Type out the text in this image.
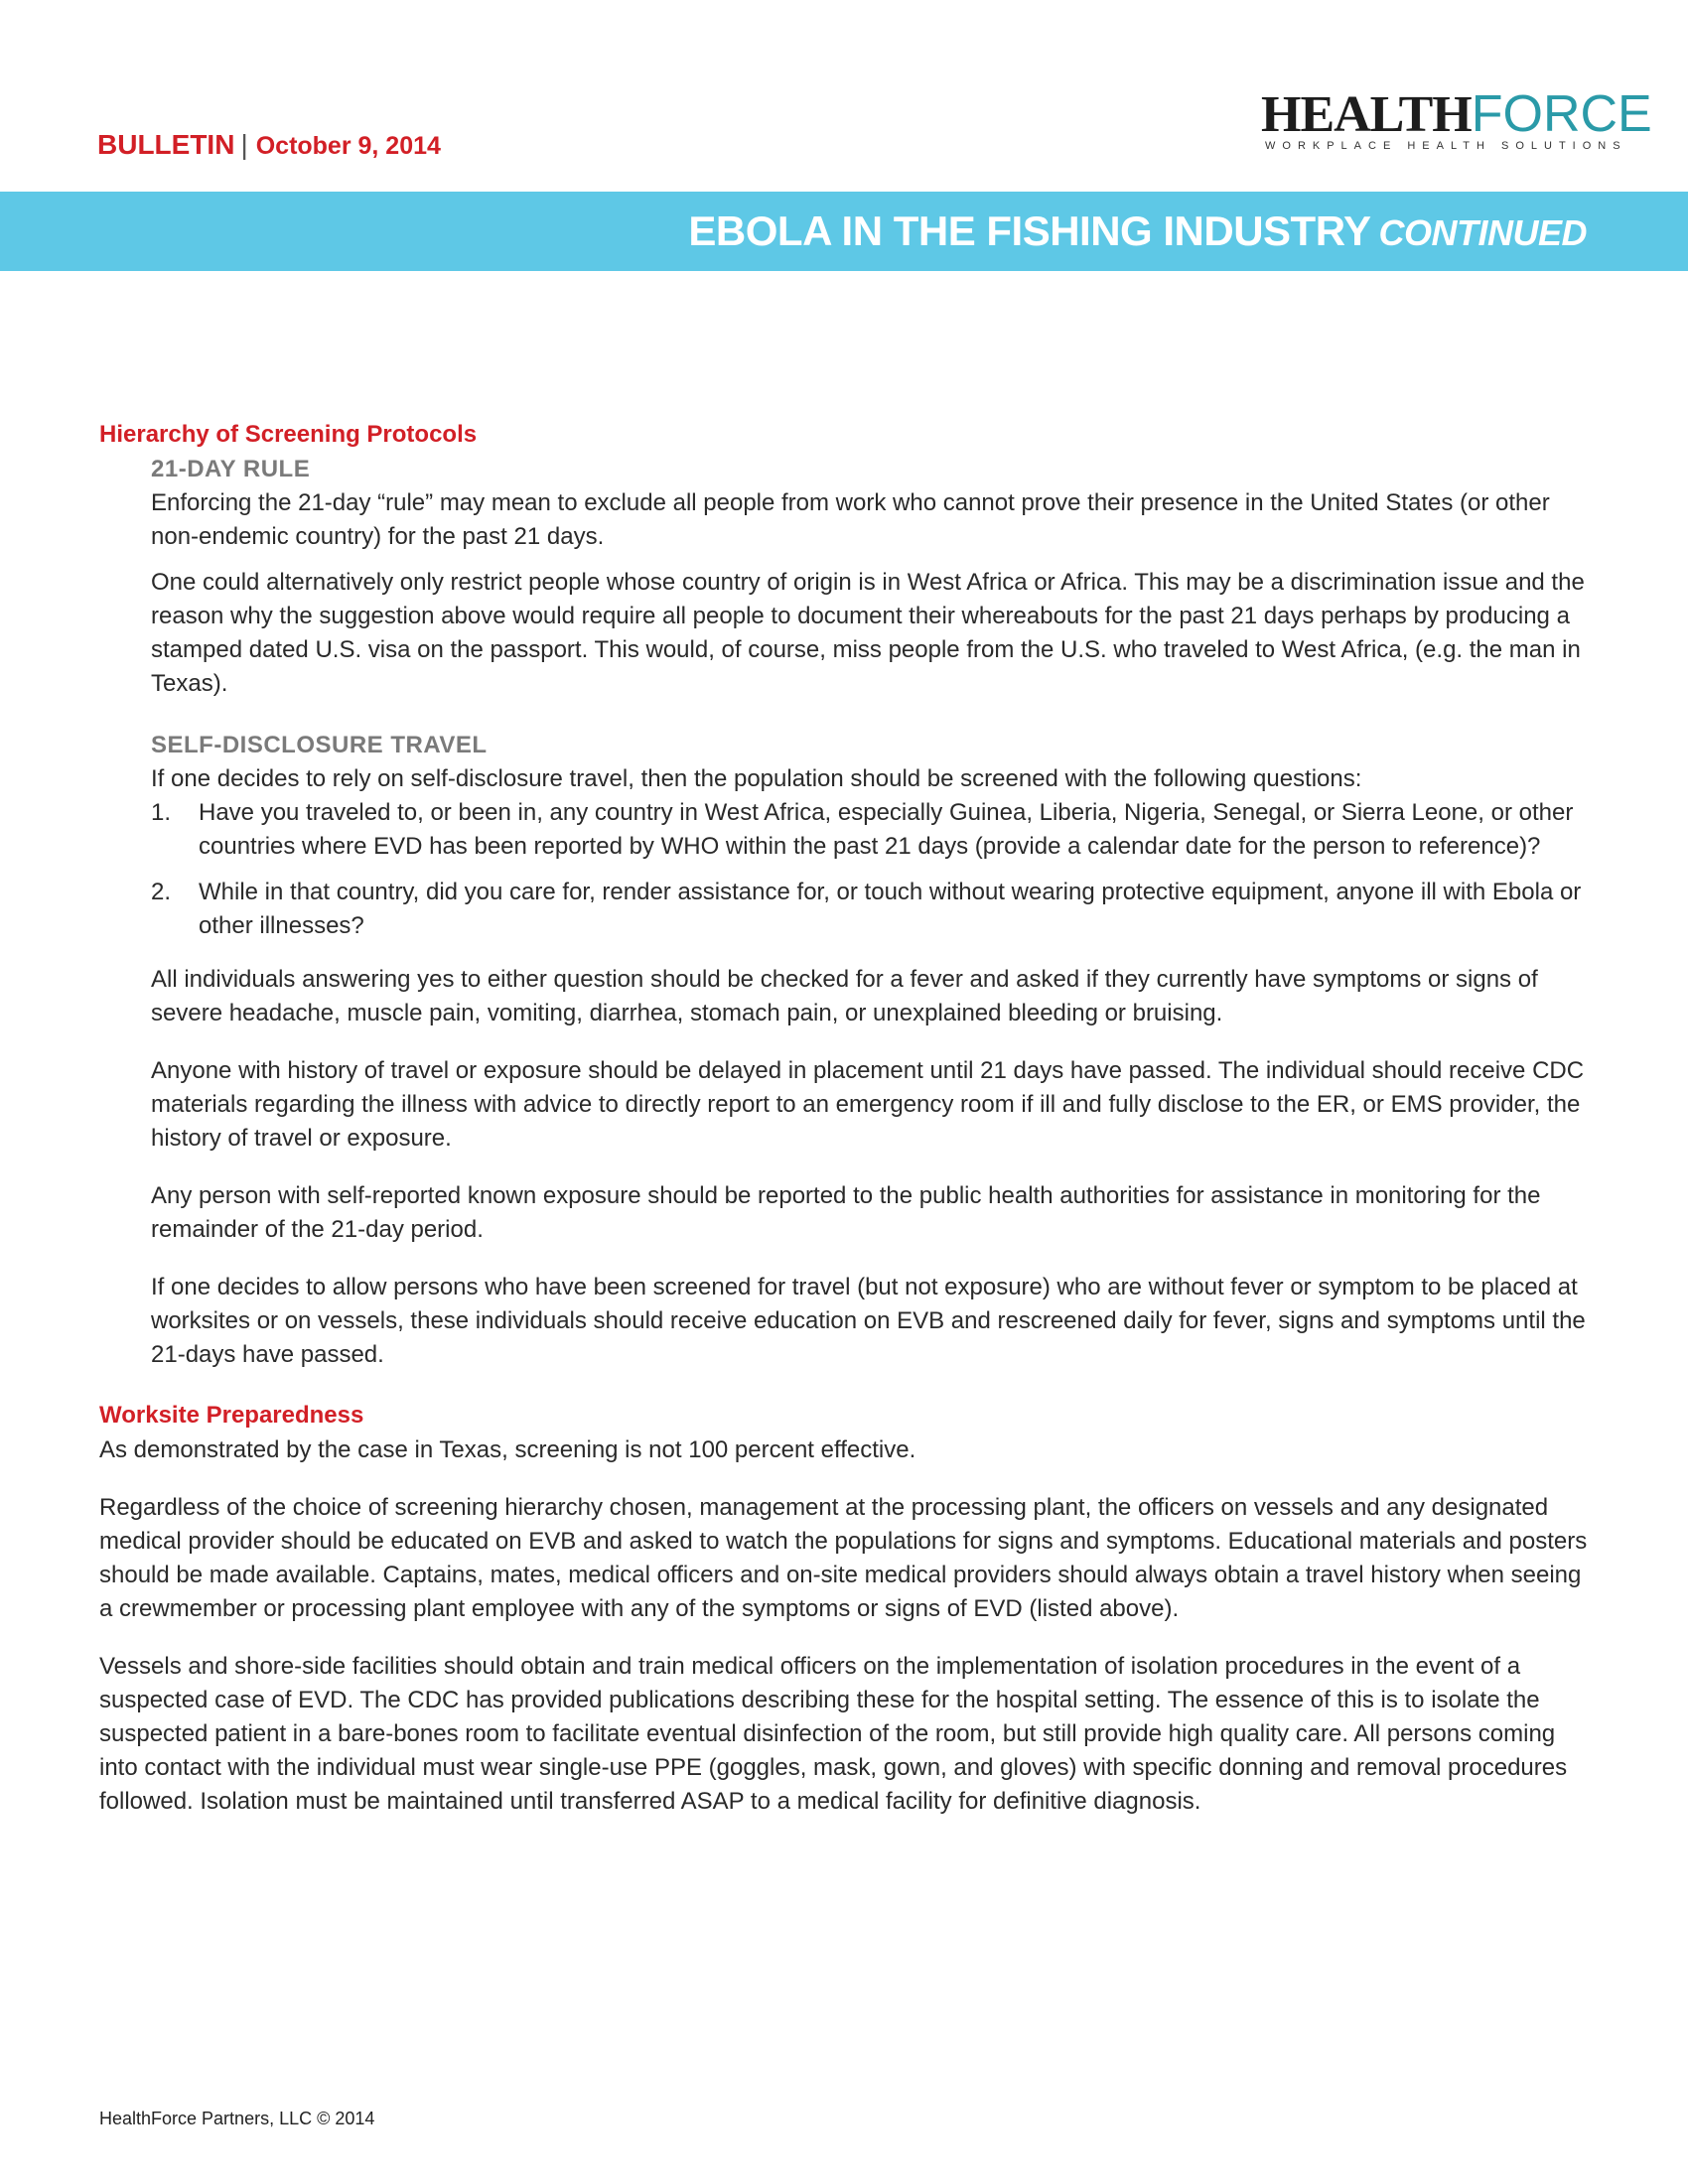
BULLETIN | October 9, 2014
HEALTHFORCE
WORKPLACE HEALTH SOLUTIONS
EBOLA IN THE FISHING INDUSTRY CONTINUED
Hierarchy of Screening Protocols
21-DAY RULE

Enforcing the 21-day “rule” may mean to exclude all people from work who cannot prove their presence in the United States (or other non-endemic country) for the past 21 days.

One could alternatively only restrict people whose country of origin is in West Africa or Africa. This may be a discrimination issue and the reason why the suggestion above would require all people to document their whereabouts for the past 21 days perhaps by producing a stamped dated U.S. visa on the passport. This would, of course, miss people from the U.S. who traveled to West Africa, (e.g. the man in Texas).

SELF-DISCLOSURE TRAVEL

If one decides to rely on self-disclosure travel, then the population should be screened with the following questions:

1. Have you traveled to, or been in, any country in West Africa, especially Guinea, Liberia, Nigeria, Senegal, or Sierra Leone, or other countries where EVD has been reported by WHO within the past 21 days (provide a calendar date for the person to reference)?
2. While in that country, did you care for, render assistance for, or touch without wearing protective equipment, anyone ill with Ebola or other illnesses?

All individuals answering yes to either question should be checked for a fever and asked if they currently have symptoms or signs of severe headache, muscle pain, vomiting, diarrhea, stomach pain, or unexplained bleeding or bruising.

Anyone with history of travel or exposure should be delayed in placement until 21 days have passed. The individual should receive CDC materials regarding the illness with advice to directly report to an emergency room if ill and fully disclose to the ER, or EMS provider, the history of travel or exposure.

Any person with self-reported known exposure should be reported to the public health authorities for assistance in monitoring for the remainder of the 21-day period.

If one decides to allow persons who have been screened for travel (but not exposure) who are without fever or symptom to be placed at worksites or on vessels, these individuals should receive education on EVB and rescreened daily for fever, signs and symptoms until the 21-days have passed.

Worksite Preparedness

As demonstrated by the case in Texas, screening is not 100 percent effective.

Regardless of the choice of screening hierarchy chosen, management at the processing plant, the officers on vessels and any designated medical provider should be educated on EVB and asked to watch the populations for signs and symptoms. Educational materials and posters should be made available. Captains, mates, medical officers and on-site medical providers should always obtain a travel history when seeing a crewmember or processing plant employee with any of the symptoms or signs of EVD (listed above).

Vessels and shore-side facilities should obtain and train medical officers on the implementation of isolation procedures in the event of a suspected case of EVD. The CDC has provided publications describing these for the hospital setting. The essence of this is to isolate the suspected patient in a bare-bones room to facilitate eventual disinfection of the room, but still provide high quality care. All persons coming into contact with the individual must wear single-use PPE (goggles, mask, gown, and gloves) with specific donning and removal procedures followed. Isolation must be maintained until transferred ASAP to a medical facility for definitive diagnosis.

HealthForce Partners, LLC © 2014
